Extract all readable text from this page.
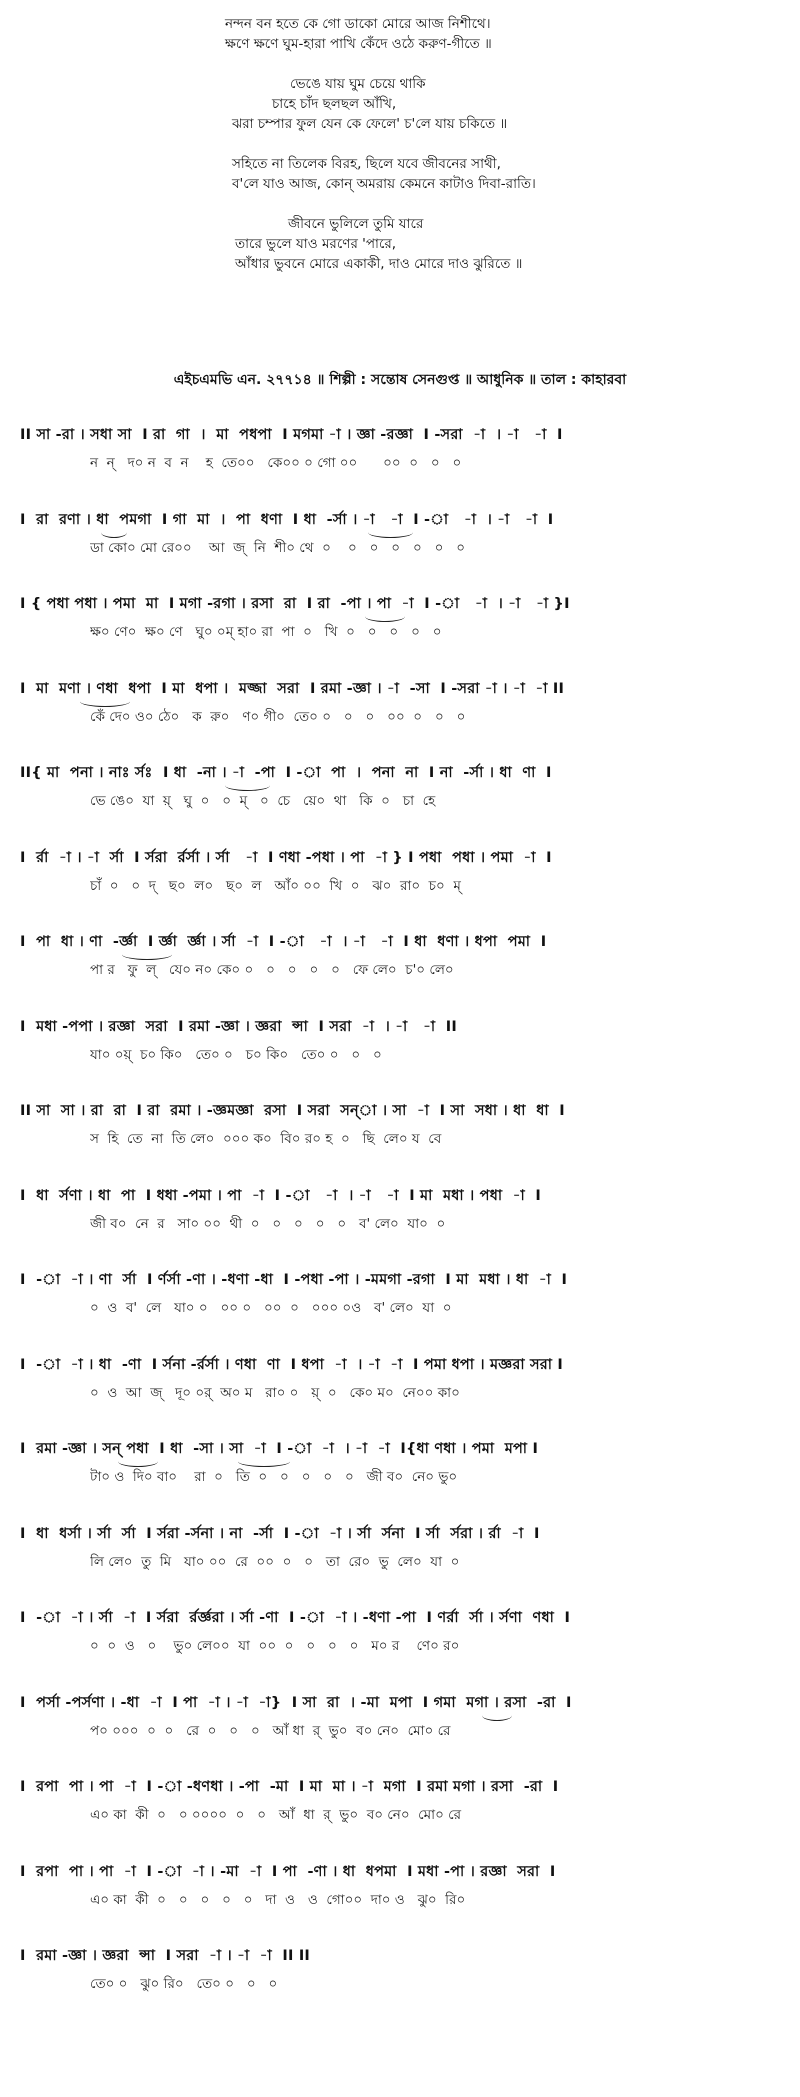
নন্দন বন হতে কে গো ডাকো মোরে আজ নিশীথে।
ক্ষণে ক্ষণে ঘুম-হারা পাখি কেঁদে ওঠে করুণ-গীতে ॥
ভেঙে যায় ঘুম চেয়ে থাকি
চাহে চাঁদ ছলছল আঁখি,
ঝরা চম্পার ফুল যেন কে ফেলে' চ'লে যায় চকিতে ॥
সহিতে না তিলেক বিরহ, ছিলে যবে জীবনের সাথী,
ব'লে যাও আজ, কোন্ অমরায় কেমনে কাটাও দিবা-রাতি।
জীবনে ভুলিলে তুমি যারে
তারে ভুলে যাও মরণের 'পারে,
আঁধার ভুবনে মোরে একাকী, দাও মোরে দাও ঝুরিতে ॥
এইচএমভি এন. ২৭৭১৪ ॥ শিল্পী : সন্তোষ সেনগুপ্ত ॥ আধুনিক ॥ তাল : কাহারবা
II সা -রা । সধা সা  I রা  গা  ।  মা  পধপা  I মগমা -া । জ্ঞা -রজ্ঞা  I -সরা  -া  । -া   -া  I
ন  ন্   দ০ ন  ব  ন    হ  তে০০   কে০০ ০ গো ০০      ০০  ০   ০   ০
I  রা  রণা । ধা  পমগা  I গা  মা  ।  পা  ধণা  I ধা  -র্সা । -া   -া  I -া   -া  । -া   -া  I
ডা কো০ মো রে০০    আ  জ্  নি  শী০ থে  ০    ০   ০   ০   ০   ০   ০
I { পধা পধা । পমা  মা  I মগা -রগা । রসা  রা  I রা  -পা । পা  -া  I -া   -া  । -া   -া }I
ক্ষ০ ণে০  ক্ষ০ ণে   ঘু০ ০ম্ হা০ রা  পা  ০   খি  ০   ০   ০   ০   ০
I  মা  মণা । ণধা  ধপা  I মা  ধপা ।  মজ্জা  সরা  I রমা -জ্ঞা । -া  -সা  I -সরা -া । -া  -া II
কেঁ দে০ ও০ ঠে০   ক  রু০   ণ০ গী০  তে০ ০   ০   ০   ০০  ০   ০   ০
II{ মা  পনা । নাঃ র্সঃ  I ধা  -না । -া  -পা  I -া  পা  ।  পনা  না  I না  -র্সা । ধা  ণা  I
ভে ঙে০  যা  য়্   ঘু  ০   ০  ম্   ০  চে   য়ে০  থা   কি  ০   চা  হে
I  র্রা  -া । -া  র্সা  I র্সরা  র্রর্সা । র্সা   -া  I ণধা -পধা । পা  -া } I পধা  পধা । পমা  -া  I
চাঁ  ০   ০  দ্   ছ০  ল০   ছ০  ল   আঁ০ ০০  খি  ০   ঝ০  রা০  চ০  ম্
I  পা  ধা । ণা  -র্জ্ঞা  I র্জ্ঞা  র্জ্ঞা । র্সা  -া  I -া   -া  । -া   -া  I ধা  ধণা । ধপা  পমা  I
পা র   ফু  ল্   যে০ ন০ কে০ ০   ০   ০   ০   ০   ফে লে০  চ'০ লে০
I  মধা -পপা । রজ্ঞা  সরা  I রমা -জ্ঞা । জ্ঞরা  ন্সা  I সরা  -া  । -া   -া  II
যা০ ০য়্  চ০ কি০   তে০ ০   চ০ কি০   তে০ ০   ০   ০
II সা  সা । রা  রা  I রা  রমা । -জ্ঞমজ্ঞা  রসা  I সরা  সন্া । সা  -া  I সা  সধা । ধা  ধা  I
স  হি  তে  না  তি লে০  ০০০ ক০  বি০ র০ হ  ০   ছি  লে০ য  বে
I  ধা  র্সণা । ধা  পা  I ধধা -পমা । পা  -া  I -া   -া  । -া   -া  I মা  মধা । পধা  -া  I
জী ব০  নে  র   সা০ ০০  থী  ০   ০   ০   ০   ০   ব' লে০  যা০  ০
I  -া  -া । ণা  র্সা  I র্ণর্সা -ণা । -ধণা -ধা  I -পধা -পা । -মমগা -রগা  I মা  মধা । ধা  -া  I
০  ও  ব'  লে   যা০ ০   ০০ ০   ০০  ০   ০০০ ০ও   ব' লে০  যা  ০
I  -া  -া । ধা  -ণা  I র্সনা -র্রর্সা । ণধা  ণা  I ধপা  -া  । -া  -া  I পমা ধপা । মজ্ঞরা সরা I
০  ও  আ  জ্   দূ০ ০র্  অ০ ম   রা০ ০   য়্  ০   কে০ ম০  নে০০ কা০
I  রমা -জ্ঞা । সন্ পধা  I ধা  -সা । সা  -া  I -া  -া  । -া  -া  I{ধা ণধা । পমা  মপা I
টা০ ও  দি০ বা০    রা  ০   তি  ০   ০   ০   ০   ০   জী ব০  নে০ ভু০
I  ধা  ধর্সা । র্সা  র্সা  I র্সরা -র্সনা । না  -র্সা  I -া  -া । র্সা  র্সনা  I র্সা  র্সরা । র্রা  -া  I
লি লে০  তু  মি   যা০ ০০  রে  ০০  ০   ০   তা  রে০  ভু  লে০  যা  ০
I  -া  -া । র্সা  -া  I র্সরা  র্রর্জ্ঞরা । র্সা -ণা  I -া  -া । -ধণা -পা  I ণর্রা  র্সা । র্সণা  ণধা  I
০  ০  ও   ০    ভু০ লে০০  যা  ০০  ০   ০   ০   ০   ম০ র    ণে০ র০
I  পর্সা -পর্সণা । -ধা  -া  I পা  -া । -া  -া}  I সা  রা  । -মা  মপা  I গমা  মগা । রসা  -রা  I
প০ ০০০  ০  ০   রে  ০   ০   ০   আঁ ধা  র্  ভু০  ব০ নে০  মো০ রে
I  রপা  পা । পা  -া  I -া -ধণধা । -পা  -মা  I মা  মা । -া  মগা  I রমা মগা । রসা  -রা  I
এ০ কা  কী  ০   ০ ০০০০  ০   ০   আঁ  ধা  র্  ভু০  ব০ নে০  মো০ রে
I  রপা  পা । পা  -া  I -া  -া । -মা  -া  I পা  -ণা । ধা  ধপমা  I মধা -পা । রজ্ঞা  সরা  I
এ০ কা  কী  ০   ০   ০   ০   ০   দা  ও   ও  গো০০  দা০ ও   ঝু০  রি০
I  রমা -জ্ঞা । জ্ঞরা  ন্সা  I সরা  -া । -া  -া  II II
তে০ ০   ঝু০ রি০   তে০ ০   ০   ০
